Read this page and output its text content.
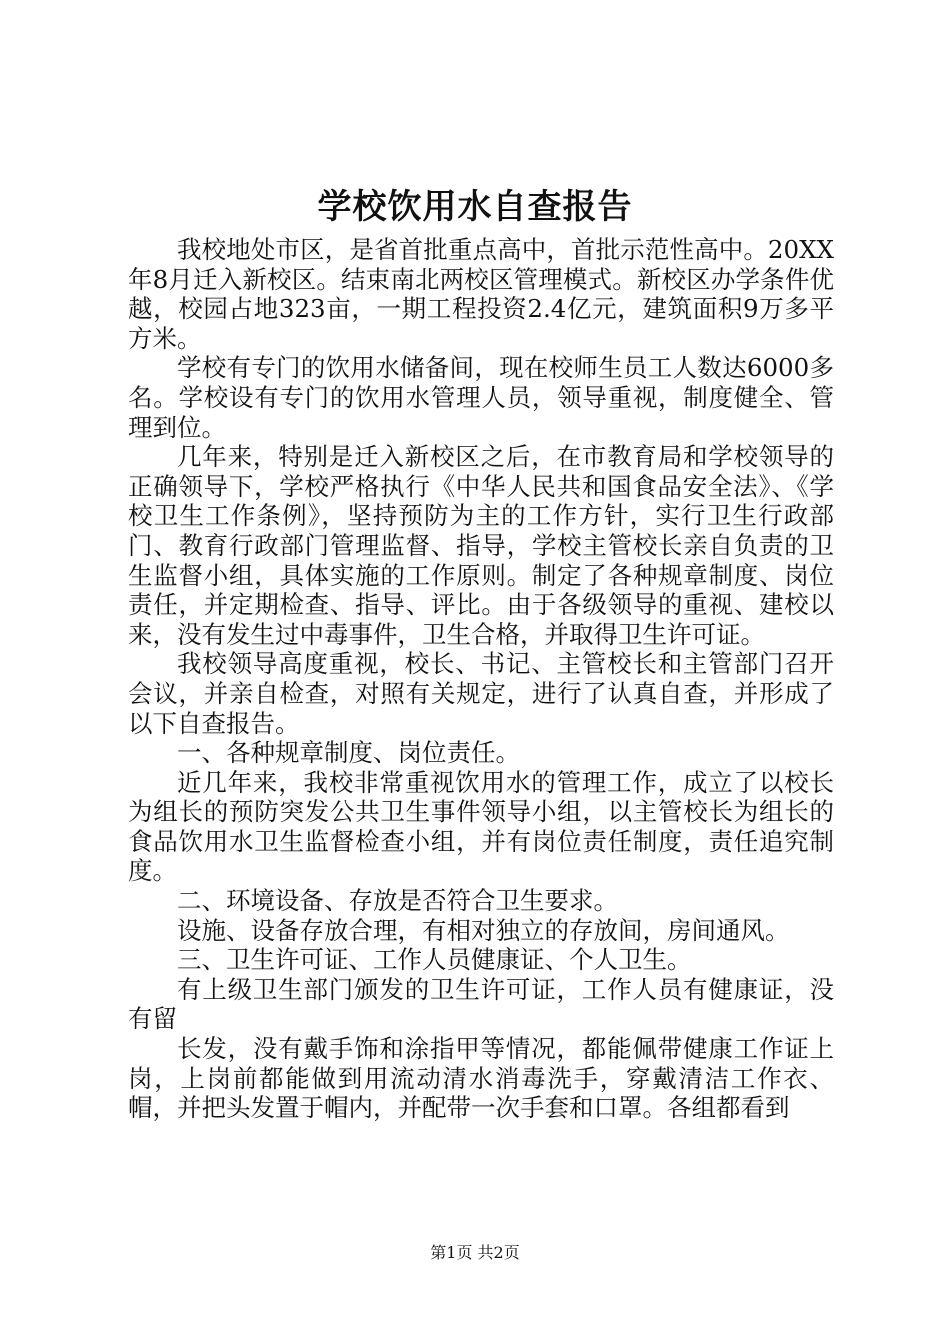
学校饮用水自查报告

我校地处市区，是省首批重点高中，首批示范性高中。20XX年8月迁入新校区。结束南北两校区管理模式。新校区办学条件优越，校园占地323亩，一期工程投资2.4亿元，建筑面积9万多平方米。

学校有专门的饮用水储备间，现在校师生员工人数达6000多名。学校设有专门的饮用水管理人员，领导重视，制度健全、管理到位。

几年来，特别是迁入新校区之后，在市教育局和学校领导的正确领导下，学校严格执行《中华人民共和国食品安全法》、《学校卫生工作条例》，坚持预防为主的工作方针，实行卫生行政部门、教育行政部门管理监督、指导，学校主管校长亲自负责的卫生监督小组，具体实施的工作原则。制定了各种规章制度、岗位责任，并定期检查、指导、评比。由于各级领导的重视、建校以来，没有发生过中毒事件，卫生合格，并取得卫生许可证。

我校领导高度重视，校长、书记、主管校长和主管部门召开会议，并亲自检查，对照有关规定，进行了认真自查，并形成了以下自查报告。

一、各种规章制度、岗位责任。

近几年来，我校非常重视饮用水的管理工作，成立了以校长为组长的预防突发公共卫生事件领导小组，以主管校长为组长的食品饮用水卫生监督检查小组，并有岗位责任制度，责任追究制度。

二、环境设备、存放是否符合卫生要求。

设施、设备存放合理，有相对独立的存放间，房间通风。

三、卫生许可证、工作人员健康证、个人卫生。

有上级卫生部门颁发的卫生许可证，工作人员有健康证，没有留

长发，没有戴手饰和涂指甲等情况，都能佩带健康工作证上岗，上岗前都能做到用流动清水消毒洗手，穿戴清洁工作衣、帽，并把头发置于帽内，并配带一次手套和口罩。各组都看到

第1页 共2页
